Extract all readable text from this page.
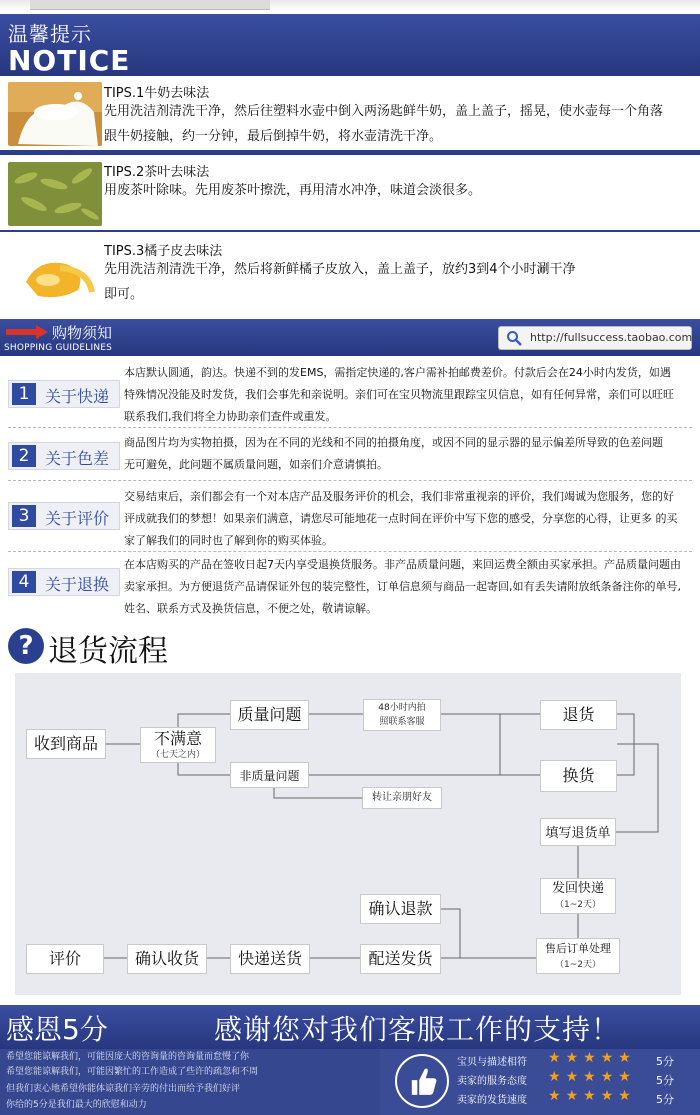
温馨提示
NOTICE
TIPS.1牛奶去味法
先用洗洁剂清洗干净，然后往塑料水壶中倒入两汤匙鲜牛奶，盖上盖子，摇晃，使水壶每一个角落
跟牛奶接触，约一分钟，最后倒掉牛奶，将水壶清洗干净。
TIPS.2茶叶去味法
用废茶叶除味。先用废茶叶擦洗，再用清水冲净，味道会淡很多。
TIPS.3橘子皮去味法
先用洗洁剂清洗干净，然后将新鲜橘子皮放入，盖上盖子，放约3到4个小时涮干净
即可。
购物须知
SHOPPING GUIDELINES
http://fullsuccess.taobao.com
1 关于快递
本店默认圆通，韵达。快递不到的发EMS，需指定快递的,客户需补拍邮费差价。付款后会在24小时内发货，如遇
特殊情况没能及时发货，我们会事先和亲说明。亲们可在宝贝物流里跟踪宝贝信息，如有任何异常，亲们可以旺旺
联系我们,我们将全力协助亲们查件或重发。
2 关于色差
商品图片均为实物拍摄，因为在不同的光线和不同的拍摄角度，或因不同的显示器的显示偏差所导致的色差问题
无可避免，此问题不属质量问题，如亲们介意请慎拍。
3 关于评价
交易结束后，亲们都会有一个对本店产品及服务评价的机会，我们非常重视亲的评价，我们竭诚为您服务，您的好
评成就我们的梦想！如果亲们满意，请您尽可能地花一点时间在评价中写下您的感受，分享您的心得，让更多 的买
家了解我们的同时也了解到你的购买体验。
4 关于退换
在本店购买的产品在签收日起7天内享受退换货服务。非产品质量问题，来回运费全额由买家承担。产品质量问题由
卖家承担。为方便退货产品请保证外包的装完整性，订单信息须与商品一起寄回,如有丢失请附放纸条备注你的单号,
姓名、联系方式及换货信息，不便之处，敬请谅解。
? 退货流程
收到商品	不满意
（七天之内）
质量问题
非质量问题
48小时内拍
照联系客服
转让亲朋好友
退货
换货
填写退货单
发回快递
（1~2天）
售后订单处理
（1~2天）
确认退款
配送发货
快递送货
确认收货
评价
感恩5分	感谢您对我们客服工作的支持！
希望您能谅解我们，可能因庞大的咨询量的咨询量而怠慢了你
希望您能谅解我们，可能因繁忙的工作造成了些许的疏忽和不周
但我们衷心地希望你能体谅我们辛劳的付出而给予我们好评
你给的5分是我们最大的欣慰和动力
宝贝与描述相符 ★ ★ ★ ★ ★	5分
卖家的服务态度 ★ ★ ★ ★ ★	5分
卖家的发货速度 ★ ★ ★ ★ ★	5分
